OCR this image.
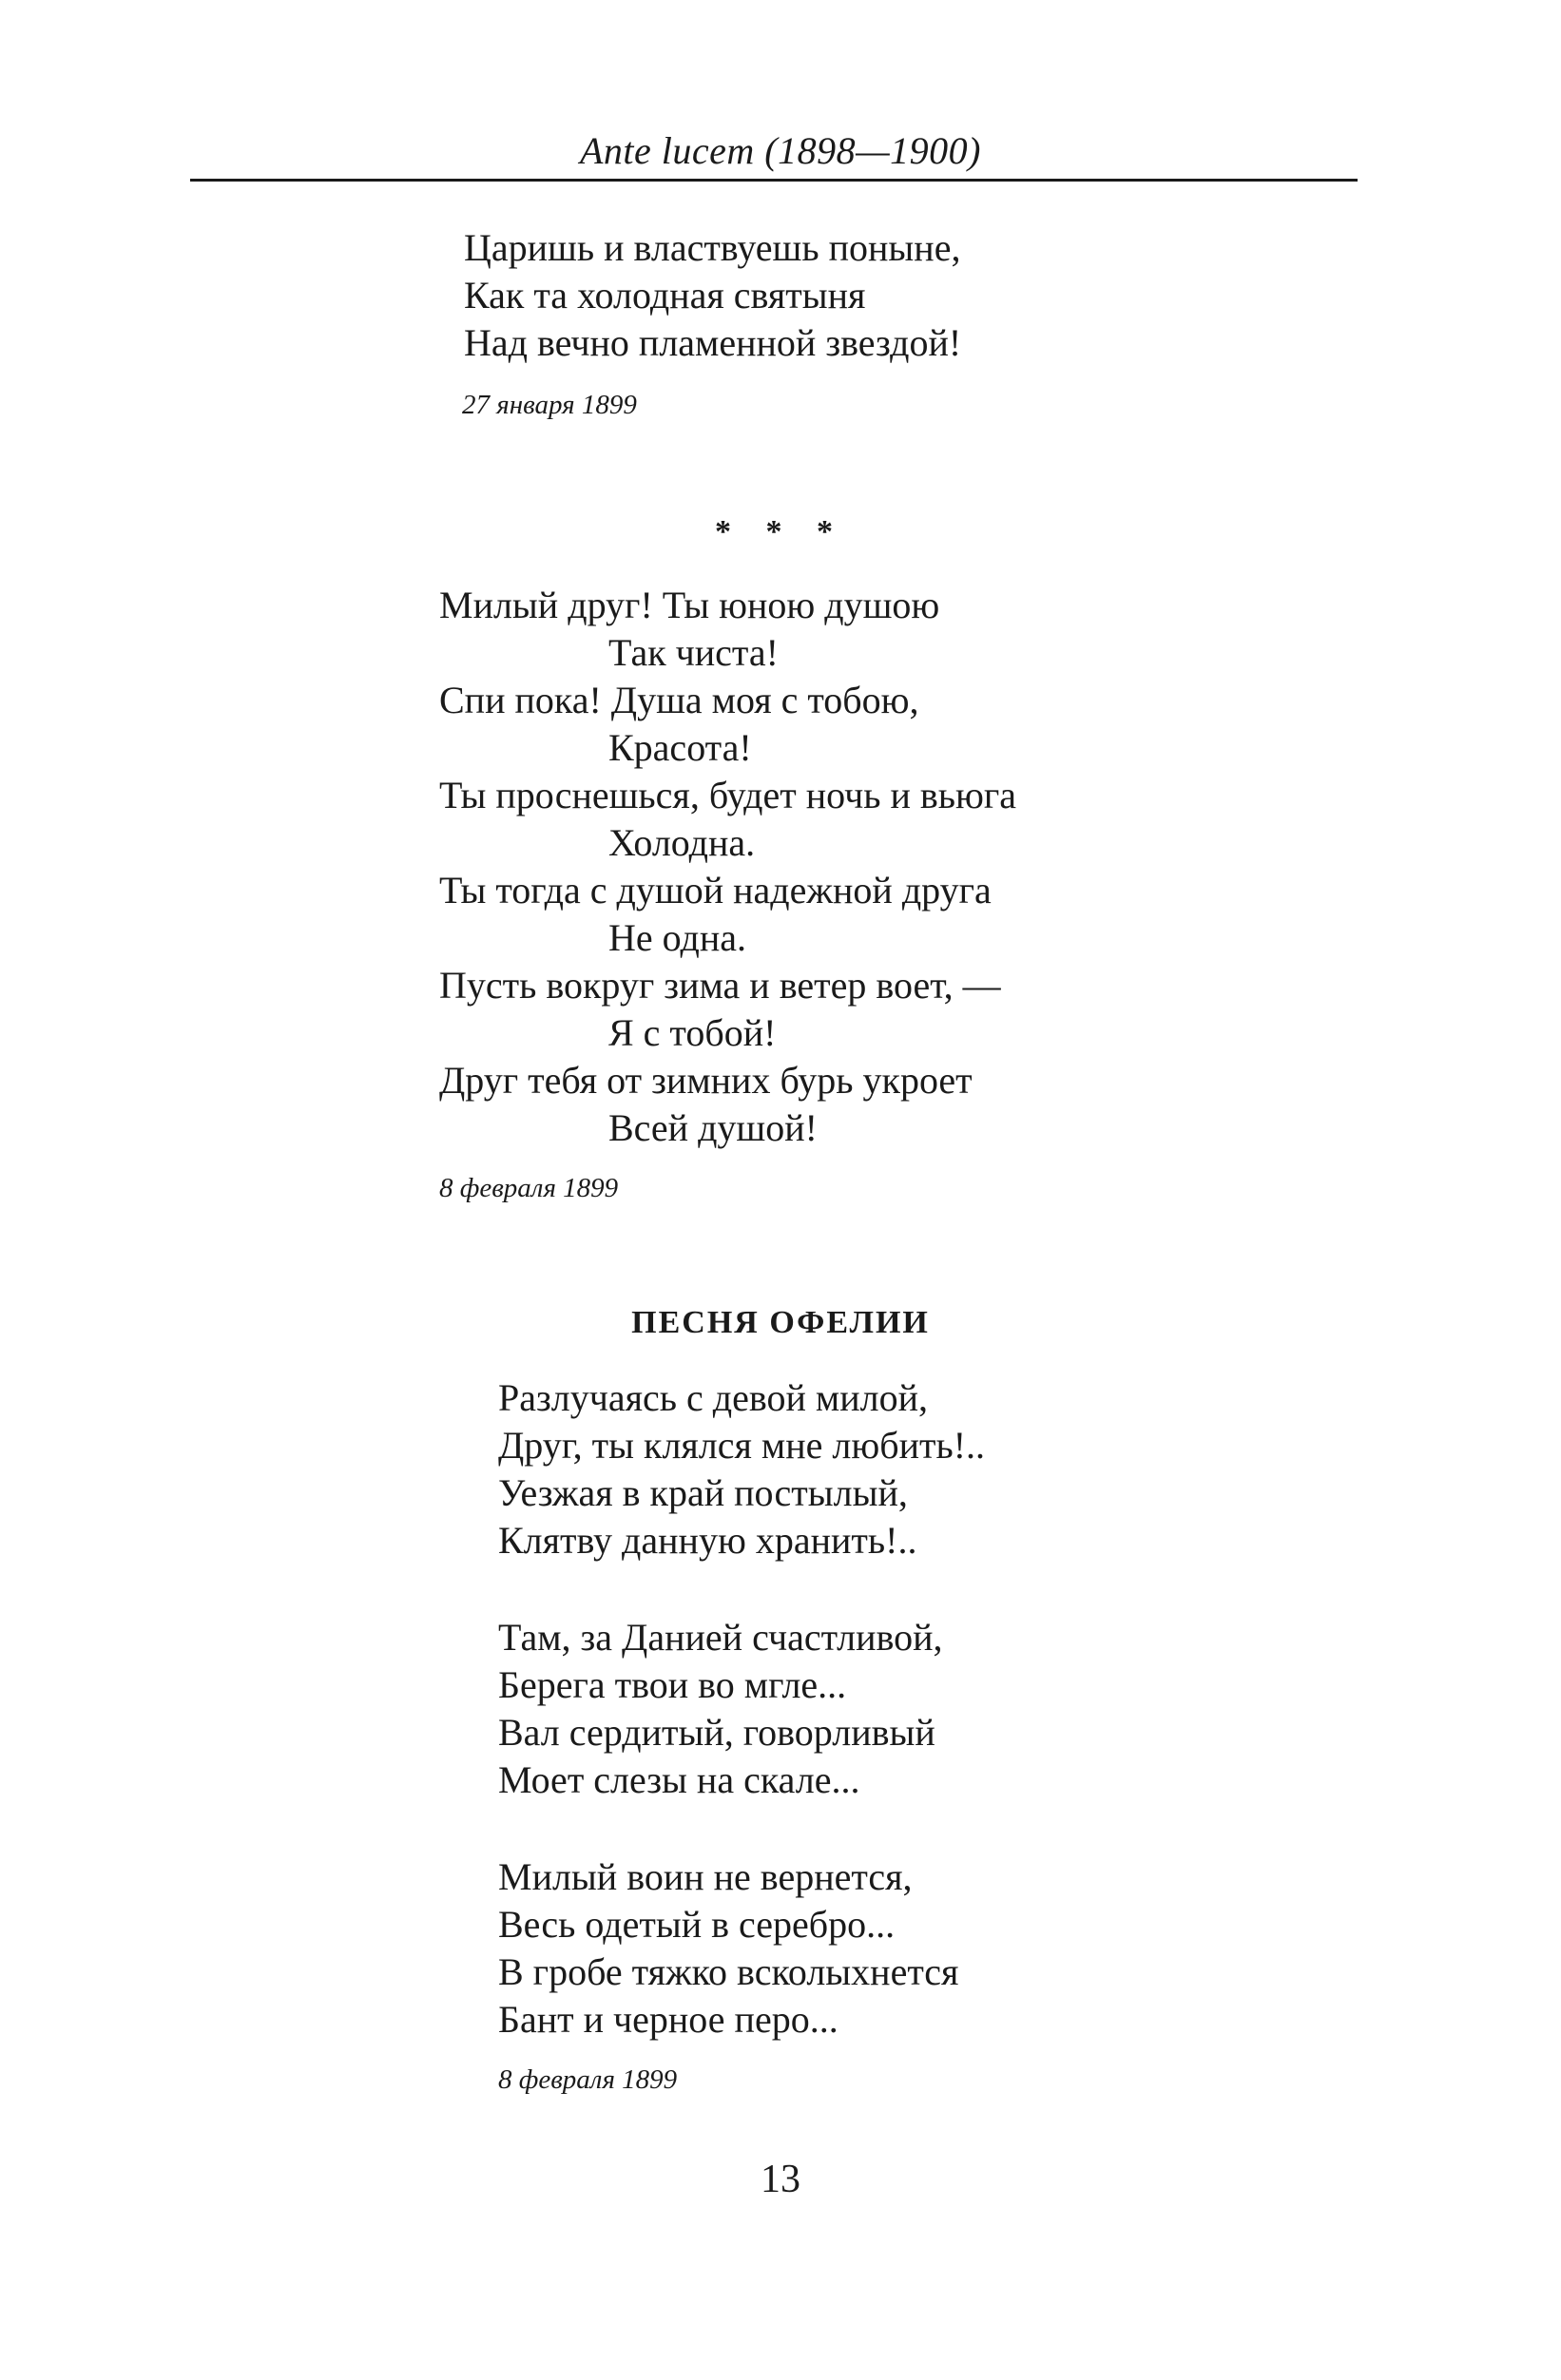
Ante lucem (1898—1900)
Царишь и властвуешь поныне,
Как та холодная святыня
Над вечно пламенной звездой!
27 января 1899
* * *
Милый друг! Ты юною душою
Так чиста!
Спи пока! Душа моя с тобою,
Красота!
Ты проснешься, будет ночь и вьюга
Холодна.
Ты тогда с душой надежной друга
Не одна.
Пусть вокруг зима и ветер воет, —
Я с тобой!
Друг тебя от зимних бурь укроет
Всей душой!
8 февраля 1899
ПЕСНЯ ОФЕЛИИ
Разлучаясь с девой милой,
Друг, ты клялся мне любить!..
Уезжая в край постылый,
Клятву данную хранить!..
Там, за Данией счастливой,
Берега твои во мгле...
Вал сердитый, говорливый
Моет слезы на скале...
Милый воин не вернется,
Весь одетый в серебро...
В гробе тяжко всколыхнется
Бант и черное перо...
8 февраля 1899
13
